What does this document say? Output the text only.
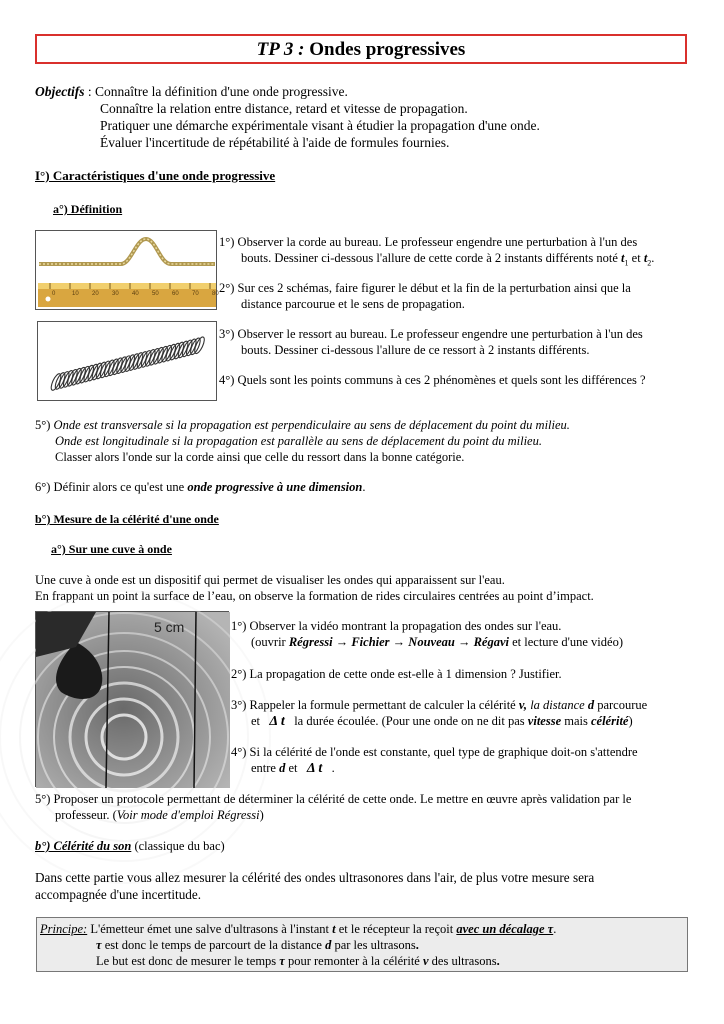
TP 3 : Ondes progressives
Objectifs : Connaître la définition d'une onde progressive.
Connaître la relation entre distance, retard et vitesse de propagation.
Pratiquer une démarche expérimentale visant à étudier la propagation d'une onde.
Évaluer l'incertitude de répétabilité à l'aide de formules fournies.
I°) Caractéristiques d'une onde progressive
a°) Définition
0	10 20 30 40 50 60 70 80
1°) Observer la corde au bureau. Le professeur engendre une perturbation à l'un des
bouts. Dessiner ci-dessous l'allure de cette corde à 2 instants différents noté $t_1$ et $t_2$.
2°) Sur ces 2 schémas, faire figurer le début et la fin de la perturbation ainsi que la
distance parcourue et le sens de propagation.
3°) Observer le ressort au bureau. Le professeur engendre une perturbation à l'un des
bouts. Dessiner ci-dessous l'allure de ce ressort à 2 instants différents.
4°) Quels sont les points communs à ces 2 phénomènes et quels sont les différences ?
5°) Onde est transversale si la propagation est perpendiculaire au sens de déplacement du point du milieu.
Onde est longitudinale si la propagation est parallèle au sens de déplacement du point du milieu.
Classer alors l'onde sur la corde ainsi que celle du ressort dans la bonne catégorie.
6°) Définir alors ce qu'est une onde progressive à une dimension.
b°) Mesure de la célérité d'une onde
a°) Sur une cuve à onde
Une cuve à onde est un dispositif qui permet de visualiser les ondes qui apparaissent sur l'eau.
En frappant un point la surface de l’eau, on observe la formation de rides circulaires centrées au point d’impact.
5 cm	1°) Observer la vidéo montrant la propagation des ondes sur l'eau.
(ouvrir Régressi → Fichier → Nouveau → Régavi et lecture d'une vidéo)
2°) La propagation de cette onde est-elle à 1 dimension ? Justifier.
3°) Rappeler la formule permettant de calculer la célérité v, la distance d parcourue
et Δ t la durée écoulée. (Pour une onde on ne dit pas vitesse mais célérité)
4°) Si la célérité de l'onde est constante, quel type de graphique doit-on s'attendre
entre d et   Δ t .
5°) Proposer un protocole permettant de déterminer la célérité de cette onde. Le mettre en œuvre après validation par le
professeur. (Voir mode d'emploi Régressi)
b°) Célérité du son (classique du bac)
Dans cette partie vous allez mesurer la célérité des ondes ultrasonores dans l'air, de plus votre mesure sera
accompagnée d'une incertitude.
Principe: L'émetteur émet une salve d'ultrasons à l'instant t et le récepteur la reçoit avec un décalage τ.
τ est donc le temps de parcourt de la distance d par les ultrasons.
Le but est donc de mesurer le temps τ pour remonter à la célérité v des ultrasons.
